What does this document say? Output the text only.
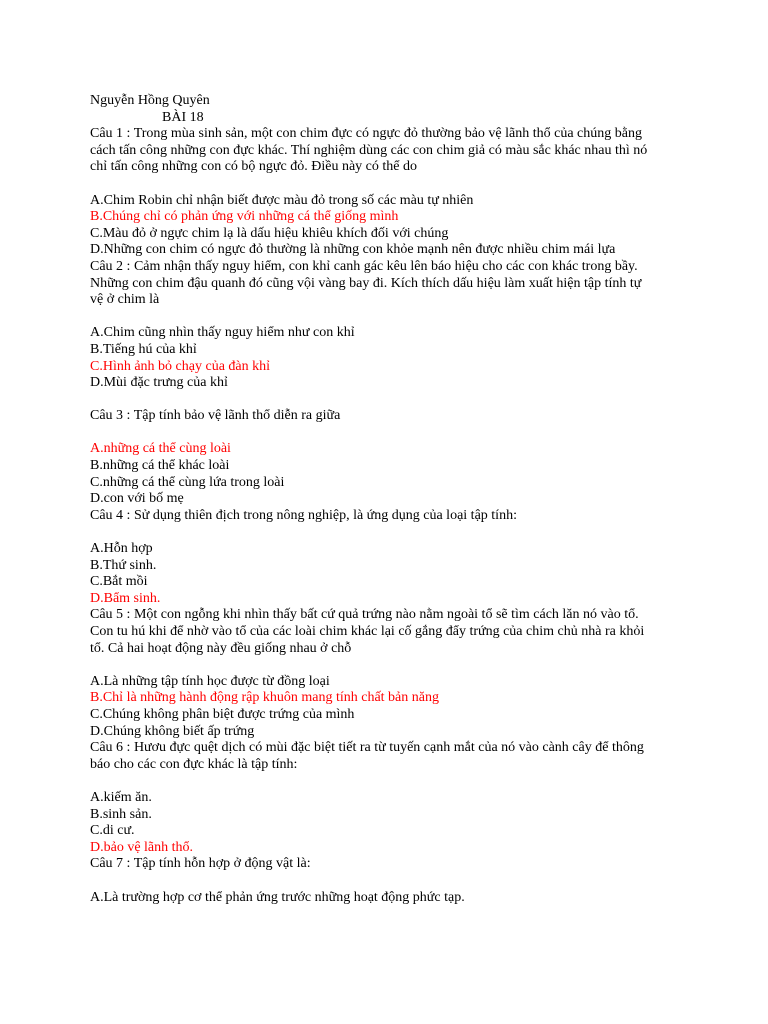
Nguyễn Hồng Quyên
BÀI 18
Câu 1 : Trong mùa sinh sản, một con chim đực có ngực đỏ thường bảo vệ lãnh thổ của chúng bằng
cách tấn công những con đực khác. Thí nghiệm dùng các con chim giả có màu sắc khác nhau thì nó
chỉ tấn công những con có bộ ngực đỏ. Điều này có thể do
A.Chim Robin chỉ nhận biết được màu đỏ trong số các màu tự nhiên
B.Chúng chỉ có phản ứng với những cá thể giống mình
C.Màu đỏ ở ngực chim lạ là dấu hiệu khiêu khích đối với chúng
D.Những con chim có ngực đỏ thường là những con khỏe mạnh nên được nhiều chim mái lựa
Câu 2 : Cảm nhận thấy nguy hiểm, con khỉ canh gác kêu lên báo hiệu cho các con khác trong bầy.
Những con chim đậu quanh đó cũng vội vàng bay đi. Kích thích dấu hiệu làm xuất hiện tập tính tự
vệ ở chim là
A.Chim cũng nhìn thấy nguy hiểm như con khỉ
B.Tiếng hú của khỉ
C.Hình ảnh bỏ chạy của đàn khỉ
D.Mùi đặc trưng của khỉ
Câu 3 : Tập tính bảo vệ lãnh thổ diễn ra giữa
A.những cá thể cùng loài
B.những cá thể khác loài
C.những cá thể cùng lứa trong loài
D.con với bố mẹ
Câu 4 : Sử dụng thiên địch trong nông nghiệp, là ứng dụng của loại tập tính:
A.Hỗn hợp
B.Thứ sinh.
C.Bắt mồi
D.Bẩm sinh.
Câu 5 : Một con ngỗng khi nhìn thấy bất cứ quả trứng nào nằm ngoài tổ sẽ tìm cách lăn nó vào tổ.
Con tu hú khi để nhờ vào tổ của các loài chim khác lại cố gắng đẩy trứng của chim chủ nhà ra khỏi
tổ. Cả hai hoạt động này đều giống nhau ở chỗ
A.Là những tập tính học được từ đồng loại
B.Chỉ là những hành động rập khuôn mang tính chất bản năng
C.Chúng không phân biệt được trứng của mình
D.Chúng không biết ấp trứng
Câu 6 : Hươu đực quệt dịch có mùi đặc biệt tiết ra từ tuyến cạnh mắt của nó vào cành cây để thông
báo cho các con đực khác là tập tính:
A.kiếm ăn.
B.sinh sản.
C.di cư.
D.bảo vệ lãnh thổ.
Câu 7 : Tập tính hỗn hợp ở động vật là:
A.Là trường hợp cơ thể phản ứng trước những hoạt động phức tạp.
